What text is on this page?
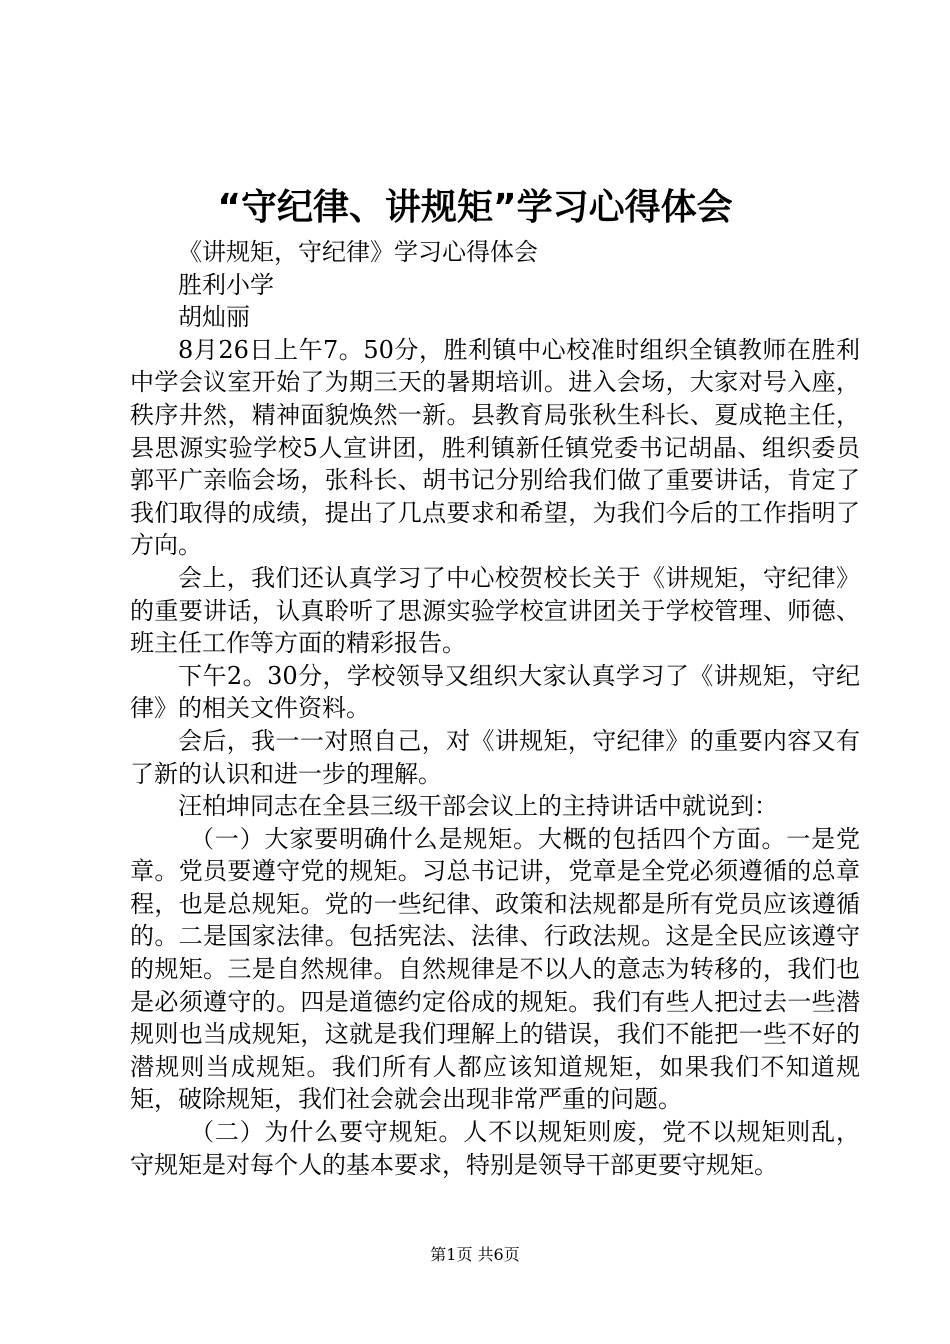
“守纪律、讲规矩”学习心得体会

《讲规矩，守纪律》学习心得体会

胜利小学

胡灿丽

8月26日上午7。50分，胜利镇中心校准时组织全镇教师在胜利中学会议室开始了为期三天的暑期培训。进入会场，大家对号入座，秩序井然，精神面貌焕然一新。县教育局张秋生科长、夏成艳主任，县思源实验学校5人宣讲团，胜利镇新任镇党委书记胡晶、组织委员郭平广亲临会场，张科长、胡书记分别给我们做了重要讲话，肯定了我们取得的成绩，提出了几点要求和希望，为我们今后的工作指明了方向。

会上，我们还认真学习了中心校贺校长关于《讲规矩，守纪律》的重要讲话，认真聆听了思源实验学校宣讲团关于学校管理、师德、班主任工作等方面的精彩报告。

下午2。30分，学校领导又组织大家认真学习了《讲规矩，守纪律》的相关文件资料。

会后，我一一对照自己，对《讲规矩，守纪律》的重要内容又有了新的认识和进一步的理解。

汪柏坤同志在全县三级干部会议上的主持讲话中就说到：

（一）大家要明确什么是规矩。大概的包括四个方面。一是党章。党员要遵守党的规矩。习总书记讲，党章是全党必须遵循的总章程，也是总规矩。党的一些纪律、政策和法规都是所有党员应该遵循的。二是国家法律。包括宪法、法律、行政法规。这是全民应该遵守的规矩。三是自然规律。自然规律是不以人的意志为转移的，我们也是必须遵守的。四是道德约定俗成的规矩。我们有些人把过去一些潜规则也当成规矩，这就是我们理解上的错误，我们不能把一些不好的潜规则当成规矩。我们所有人都应该知道规矩，如果我们不知道规矩，破除规矩，我们社会就会出现非常严重的问题。

（二）为什么要守规矩。人不以规矩则废，党不以规矩则乱，守规矩是对每个人的基本要求，特别是领导干部更要守规矩。

第1页 共6页
